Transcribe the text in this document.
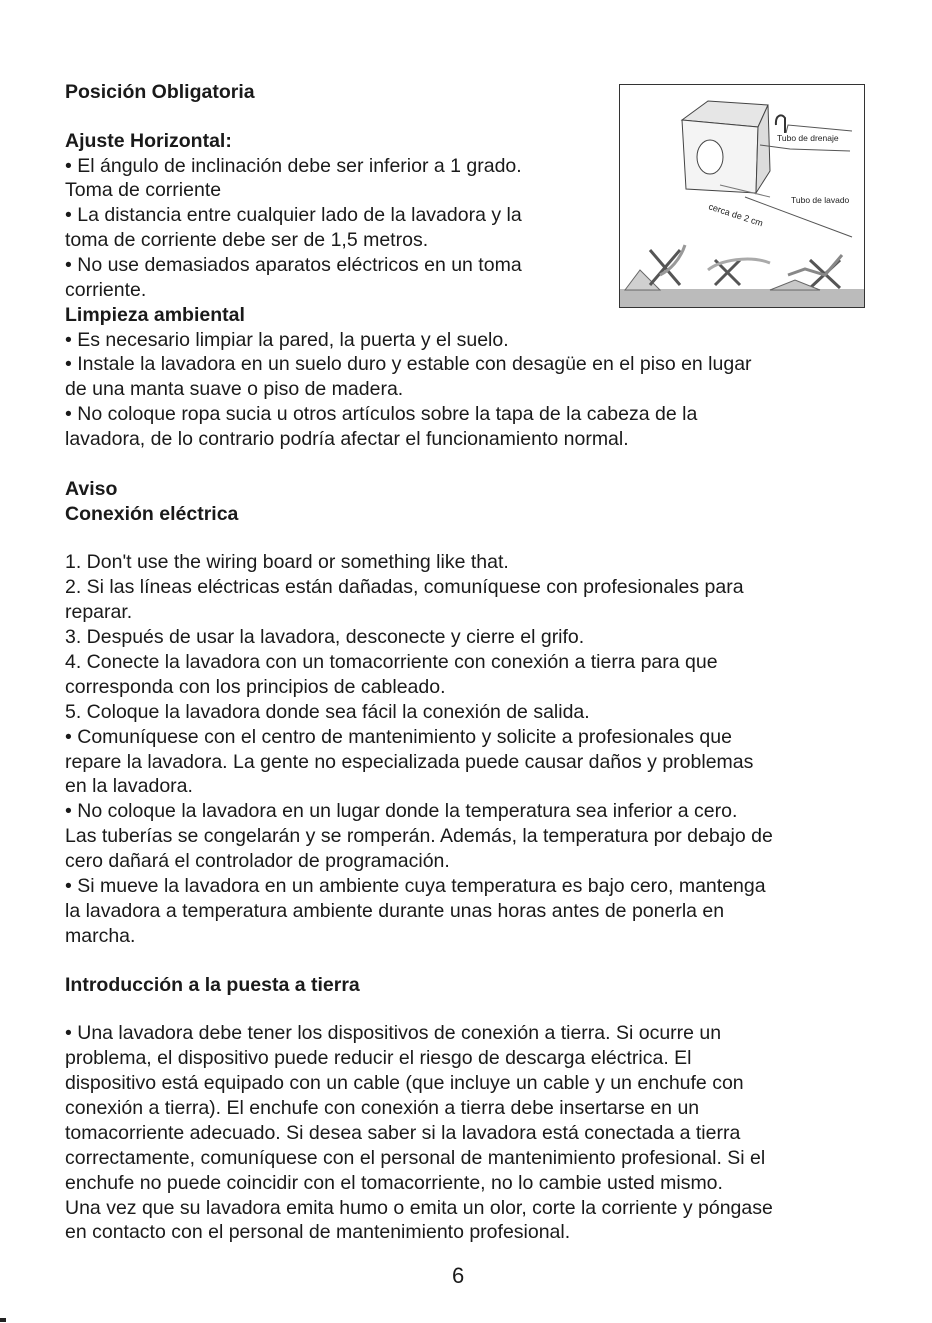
Posición Obligatoria
Ajuste Horizontal:
• El ángulo de inclinación debe ser inferior a 1 grado.
Toma de corriente
• La distancia entre cualquier lado de la lavadora y la
toma de corriente debe ser de 1,5 metros.
• No use demasiados aparatos eléctricos en un toma
corriente.
Limpieza ambiental
• Es necesario limpiar la pared, la puerta y el suelo.
• Instale la lavadora en un suelo duro y estable con desagüe en el piso en lugar
de una manta suave o piso de madera.
• No coloque ropa sucia u otros artículos sobre la tapa de la cabeza de la
lavadora, de lo contrario podría afectar el funcionamiento normal.
Aviso
Conexión eléctrica
1. Don't use the wiring board or something like that.
2. Si las líneas eléctricas están dañadas, comuníquese con profesionales para
reparar.
3. Después de usar la lavadora, desconecte y cierre el grifo.
4. Conecte la lavadora con un tomacorriente con conexión a tierra para que
corresponda con los principios de cableado.
5. Coloque la lavadora donde sea fácil la conexión de salida.
• Comuníquese con el centro de mantenimiento y solicite a profesionales que
repare la lavadora. La gente no especializada puede causar daños y problemas
en la lavadora.
• No coloque la lavadora en un lugar donde la temperatura sea inferior a cero.
Las tuberías se congelarán y se romperán. Además, la temperatura por debajo de
cero dañará el controlador de programación.
• Si mueve la lavadora en un ambiente cuya temperatura es bajo cero, mantenga
la lavadora a temperatura ambiente durante unas horas antes de ponerla en
marcha.
Introducción a la puesta a tierra
• Una lavadora debe tener los dispositivos de conexión a tierra. Si ocurre un
problema, el dispositivo puede reducir el riesgo de descarga eléctrica. El
dispositivo está equipado con un cable (que incluye un cable y un enchufe con
conexión a tierra). El enchufe con conexión a tierra debe insertarse en un
tomacorriente adecuado. Si desea saber si la lavadora está conectada a tierra
correctamente, comuníquese con el personal de mantenimiento profesional. Si el
enchufe no puede coincidir con el tomacorriente, no lo cambie usted mismo.
Una vez que su lavadora emita humo o emita un olor, corte la corriente y póngase
en contacto con el personal de mantenimiento profesional.
Tubo de drenaje
Tubo de lavado
cerca de 2 cm
6
